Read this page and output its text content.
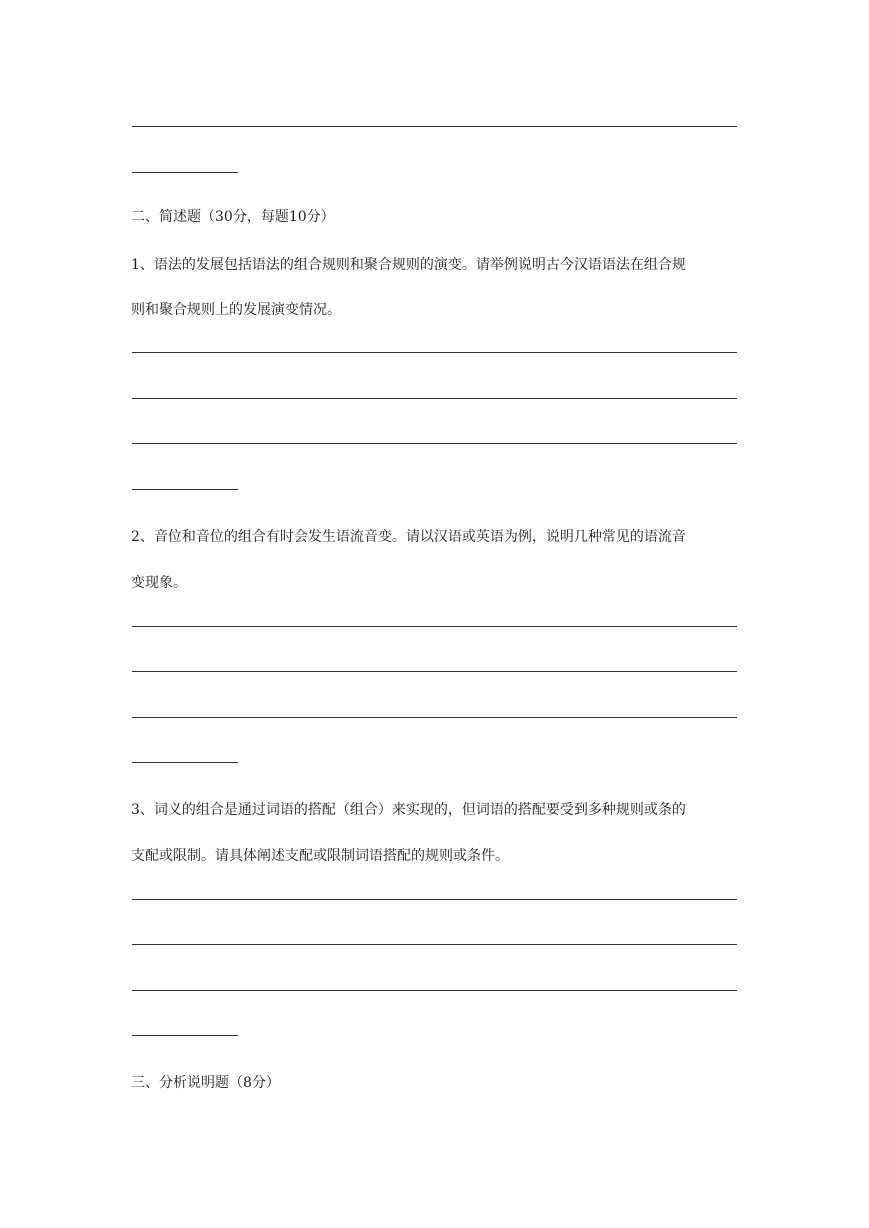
二、简述题（30分，每题10分）
1、语法的发展包括语法的组合规则和聚合规则的演变。请举例说明古今汉语语法在组合规
则和聚合规则上的发展演变情况。
2、音位和音位的组合有时会发生语流音变。请以汉语或英语为例，说明几种常见的语流音
变现象。
3、词义的组合是通过词语的搭配（组合）来实现的，但词语的搭配要受到多种规则或条的
支配或限制。请具体阐述支配或限制词语搭配的规则或条件。
三、分析说明题（8分）
